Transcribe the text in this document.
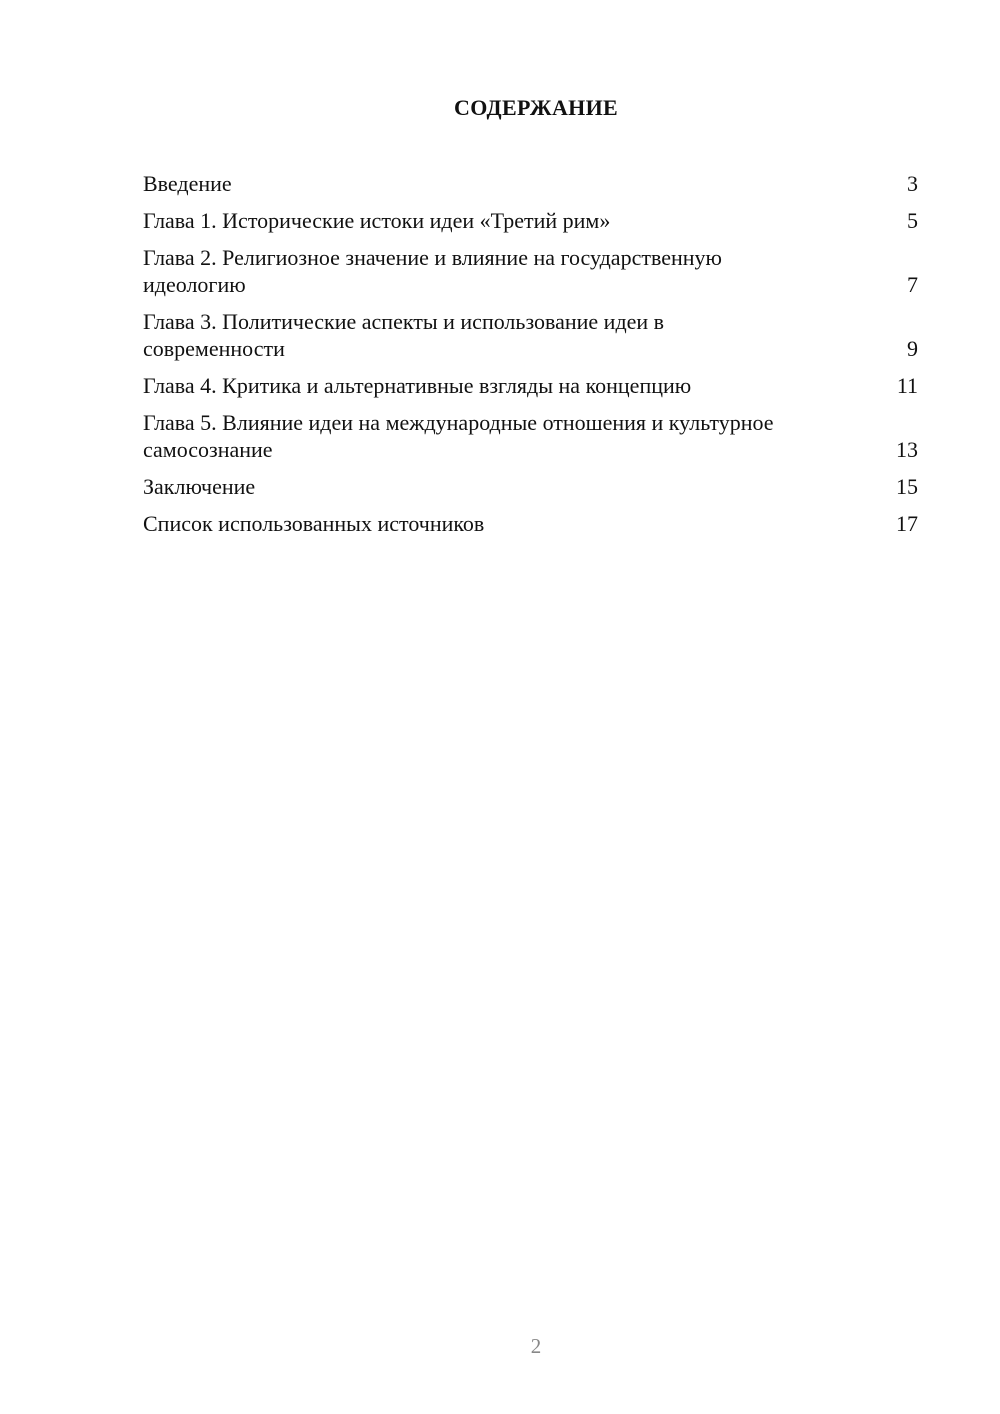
СОДЕРЖАНИЕ
Введение	3
Глава 1. Исторические истоки идеи «Третий рим»	5
Глава 2. Религиозное значение и влияние на государственную идеологию	7
Глава 3. Политические аспекты и использование идеи в современности	9
Глава 4. Критика и альтернативные взгляды на концепцию	11
Глава 5. Влияние идеи на международные отношения и культурное самосознание	13
Заключение	15
Список использованных источников	17
2
